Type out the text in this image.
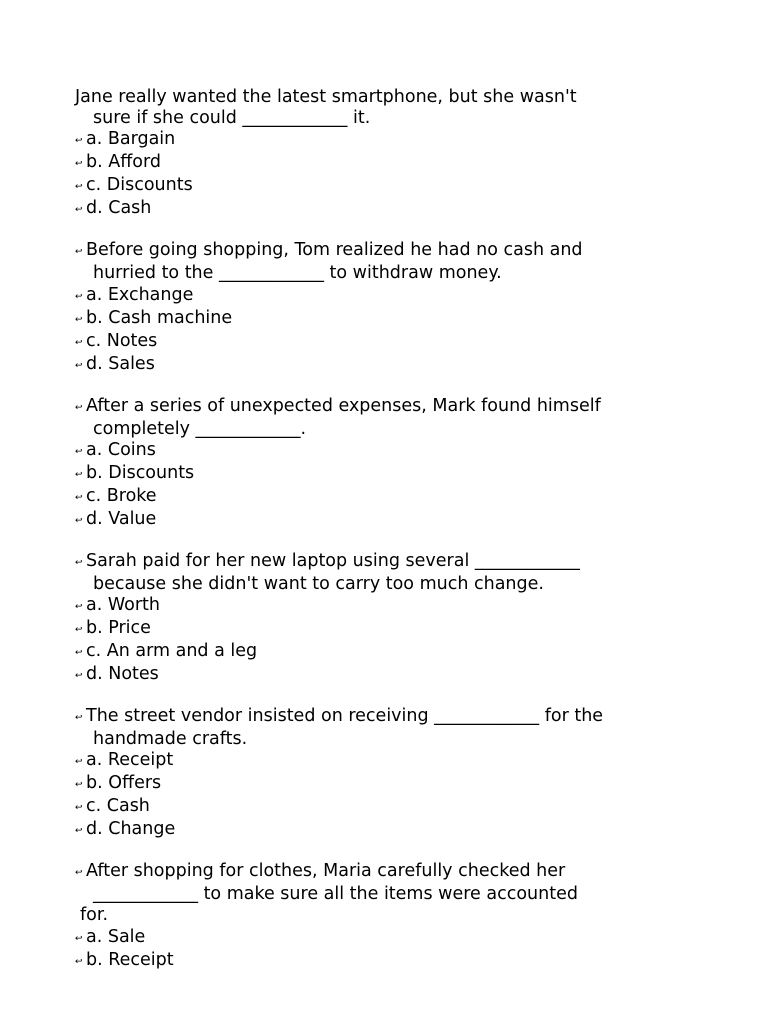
Jane really wanted the latest smartphone, but she wasn't
sure if she could ____________ it.
↩ a. Bargain
↩ b. Afford
↩ c. Discounts
↩ d. Cash
↩ Before going shopping, Tom realized he had no cash and
hurried to the ____________ to withdraw money.
↩ a. Exchange
↩ b. Cash machine
↩ c. Notes
↩ d. Sales
↩ After a series of unexpected expenses, Mark found himself
completely ____________.
↩ a. Coins
↩ b. Discounts
↩ c. Broke
↩ d. Value
↩ Sarah paid for her new laptop using several ____________
because she didn't want to carry too much change.
↩ a. Worth
↩ b. Price
↩ c. An arm and a leg
↩ d. Notes
↩ The street vendor insisted on receiving ____________ for the
handmade crafts.
↩ a. Receipt
↩ b. Offers
↩ c. Cash
↩ d. Change
↩ After shopping for clothes, Maria carefully checked her
____________ to make sure all the items were accounted
for.
↩ a. Sale
↩ b. Receipt
